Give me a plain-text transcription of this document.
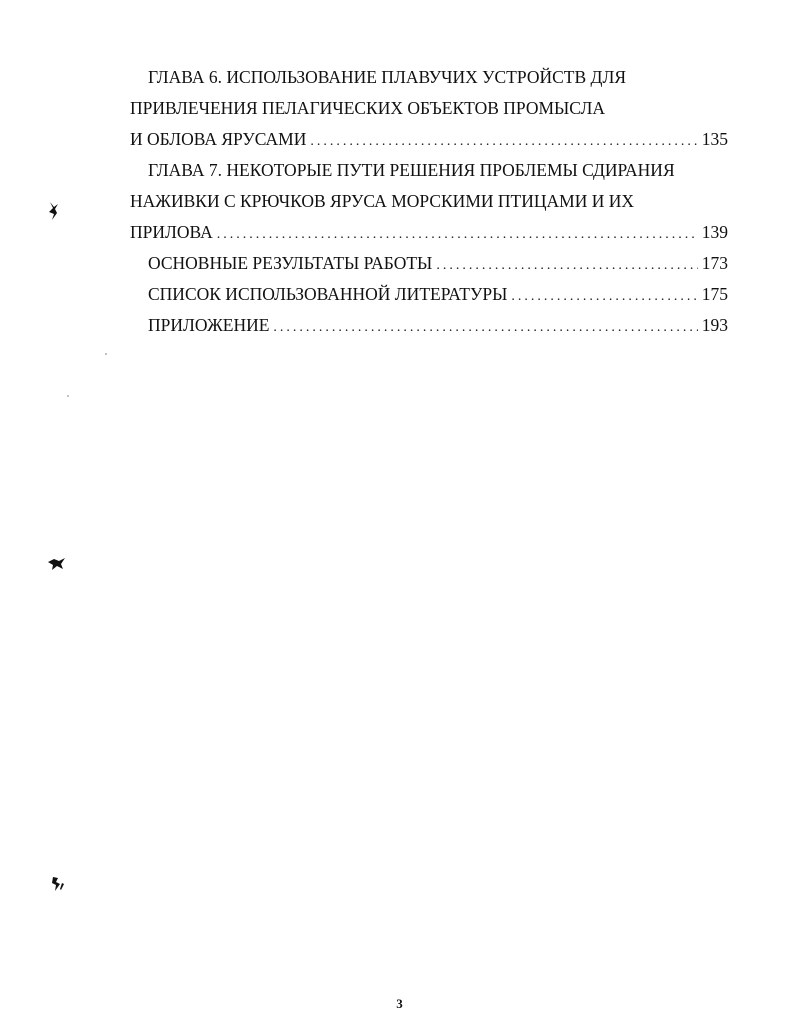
ГЛАВА 6. ИСПОЛЬЗОВАНИЕ ПЛАВУЧИХ УСТРОЙСТВ ДЛЯ
ПРИВЛЕЧЕНИЯ ПЕЛАГИЧЕСКИХ ОБЪЕКТОВ ПРОМЫСЛА
И ОБЛОВА ЯРУСАМИ .....	135
ГЛАВА 7. НЕКОТОРЫЕ ПУТИ РЕШЕНИЯ ПРОБЛЕМЫ СДИРАНИЯ
НАЖИВКИ С КРЮЧКОВ ЯРУСА МОРСКИМИ ПТИЦАМИ И ИХ
ПРИЛОВА .....	139
ОСНОВНЫЕ РЕЗУЛЬТАТЫ РАБОТЫ .....	173
СПИСОК ИСПОЛЬЗОВАННОЙ ЛИТЕРАТУРЫ .....	175
ПРИЛОЖЕНИЕ .....	193
3
